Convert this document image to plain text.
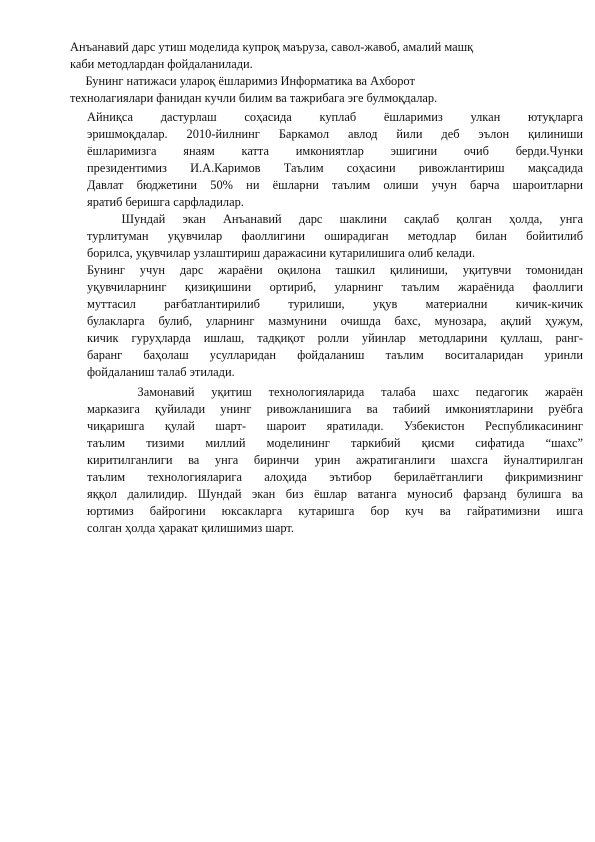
Анъанавий дарс утиш моделида купроқ маъруза, савол-жавоб, амалий машқ
каби методлардан фойдаланилади.
Бунинг натижаси улароқ ёшларимиз Информатика ва Ахборот
технолагиялари фанидан кучли билим ва тажрибага эге булмоқдалар.
Айниқса дастурлаш соҳасида куплаб ёшларимиз улкан ютуқларга
эришмоқдалар. 2010-йилнинг Баркамол авлод йили деб эълон қилиниши
ёшларимизга янаям катта имкониятлар эшигини очиб берди.Чунки
президентимиз И.А.Каримов Таълим соҳасини ривожлантириш мақсадида
Давлат бюджетини 50% ни ёшларни таълим олиши учун барча шароитларни
яратиб беришга сарфладилар.
Шундай   экан   Анъанавий   дарс   шаклини   сақлаб   қолган   ҳолда,   унга
турлитуман уқувчилар фаоллигини оширадиган методлар билан бойитилиб
борилса, уқувчилар узлаштириш даражасини кутарилишига олиб келади.
Бунинг учун дарс жараёни оқилона ташкил қилиниши, уқитувчи томонидан
уқувчиларнинг қизиқишини ортириб, уларнинг таълим жараёнида фаоллиги
муттасил рағбатлантирилиб турилиши, уқув материални кичик-кичик
булакларга булиб, уларнинг мазмунини очишда бахс, мунозара, ақлий ҳужум,
кичик гуруҳларда ишлаш, тадқиқот ролли уйинлар методларини қуллаш, ранг-
баранг баҳолаш усулларидан фойдаланиш таълим воситаларидан уринли
фойдаланиш талаб этилади.
Замонавий  уқитиш  технологияларида  талаба  шахс  педагогик  жараён
марказига қуйилади унинг ривожланишига ва табиий имкониятларини руёбга
чиқаришга қулай шарт- шароит яратилади. Узбекистон Республикасининг
таълим тизими миллий моделининг таркибий қисми сифатида “шахс”
киритилганлиги ва унга биринчи урин ажратиганлиги шахсга йуналтирилган
таълим технологияларига алоҳида эътибор берилаётганлиги фикримизнинг
яққол далилидир. Шундай экан биз ёшлар ватанга муносиб фарзанд булишга ва
юртимиз байрогини юксакларга кутаришга бор куч ва гайратимизни ишга
солган ҳолда ҳаракат қилишимиз шарт.
